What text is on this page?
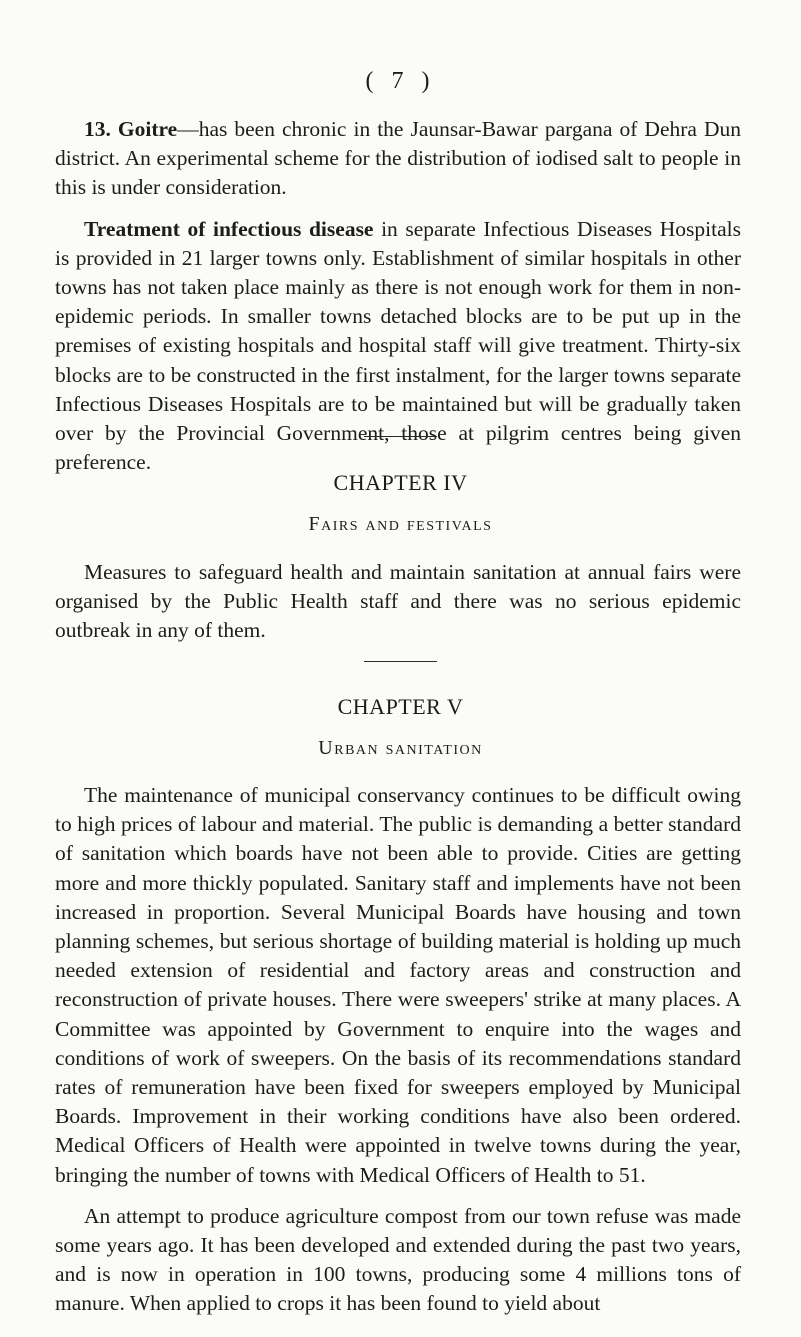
( 7 )

13. Goitre—has been chronic in the Jaunsar-Bawar pargana of Dehra Dun district. An experimental scheme for the distribution of iodised salt to people in this is under consideration.

Treatment of infectious disease in separate Infectious Diseases Hospitals is provided in 21 larger towns only. Establishment of similar hospitals in other towns has not taken place mainly as there is not enough work for them in non-epidemic periods. In smaller towns detached blocks are to be put up in the premises of existing hospitals and hospital staff will give treatment. Thirty-six blocks are to be constructed in the first instalment, for the larger towns separate Infectious Diseases Hospitals are to be maintained but will be gradually taken over by the Provincial Government, those at pilgrim centres being given preference.

CHAPTER IV
Fairs and festivals

Measures to safeguard health and maintain sanitation at annual fairs were organised by the Public Health staff and there was no serious epidemic outbreak in any of them.

CHAPTER V
Urban sanitation

The maintenance of municipal conservancy continues to be difficult owing to high prices of labour and material. The public is demanding a better standard of sanitation which boards have not been able to provide. Cities are getting more and more thickly populated. Sanitary staff and implements have not been increased in proportion. Several Municipal Boards have housing and town planning schemes, but serious shortage of building material is holding up much needed extension of residential and factory areas and construction and reconstruction of private houses. There were sweepers' strike at many places. A Committee was appointed by Government to enquire into the wages and conditions of work of sweepers. On the basis of its recommendations standard rates of remuneration have been fixed for sweepers employed by Municipal Boards. Improvement in their working conditions have also been ordered. Medical Officers of Health were appointed in twelve towns during the year, bringing the number of towns with Medical Officers of Health to 51.

An attempt to produce agriculture compost from our town refuse was made some years ago. It has been developed and extended during the past two years, and is now in operation in 100 towns, producing some 4 millions tons of manure. When applied to crops it has been found to yield about
